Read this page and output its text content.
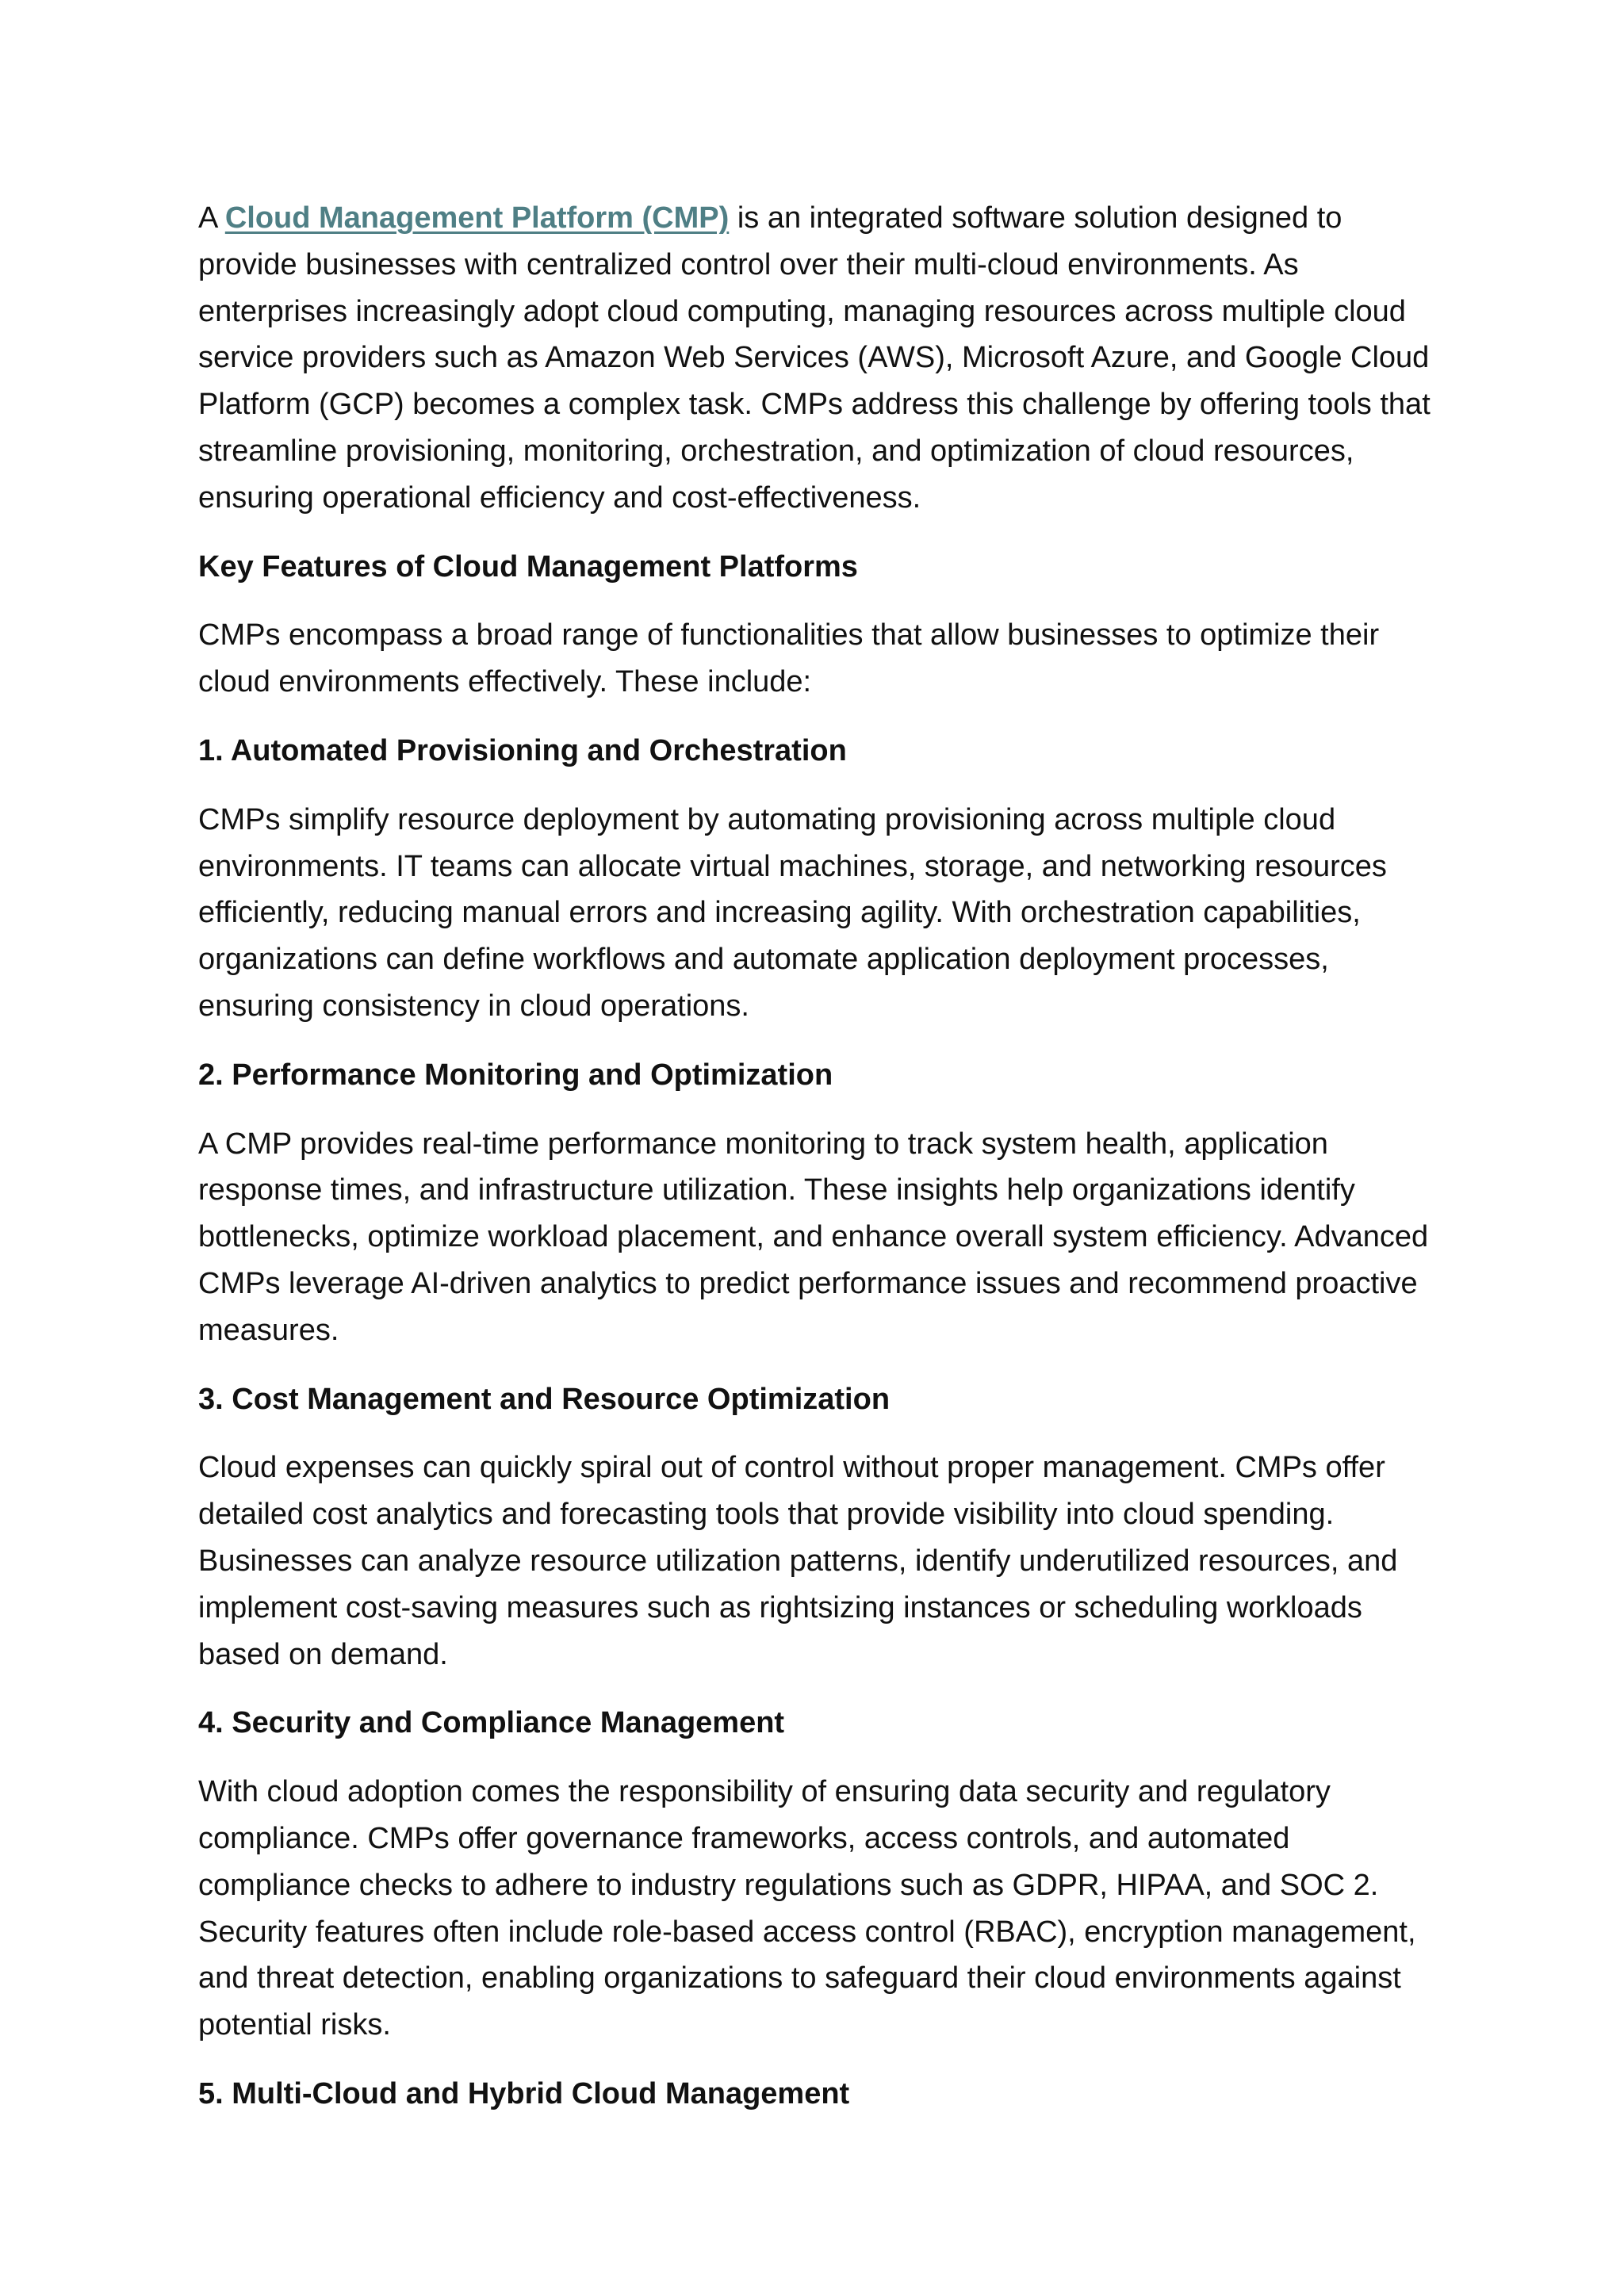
A Cloud Management Platform (CMP) is an integrated software solution designed to provide businesses with centralized control over their multi-cloud environments. As enterprises increasingly adopt cloud computing, managing resources across multiple cloud service providers such as Amazon Web Services (AWS), Microsoft Azure, and Google Cloud Platform (GCP) becomes a complex task. CMPs address this challenge by offering tools that streamline provisioning, monitoring, orchestration, and optimization of cloud resources, ensuring operational efficiency and cost-effectiveness.

Key Features of Cloud Management Platforms

CMPs encompass a broad range of functionalities that allow businesses to optimize their cloud environments effectively. These include:

1. Automated Provisioning and Orchestration

CMPs simplify resource deployment by automating provisioning across multiple cloud environments. IT teams can allocate virtual machines, storage, and networking resources efficiently, reducing manual errors and increasing agility. With orchestration capabilities, organizations can define workflows and automate application deployment processes, ensuring consistency in cloud operations.

2. Performance Monitoring and Optimization

A CMP provides real-time performance monitoring to track system health, application response times, and infrastructure utilization. These insights help organizations identify bottlenecks, optimize workload placement, and enhance overall system efficiency. Advanced CMPs leverage AI-driven analytics to predict performance issues and recommend proactive measures.

3. Cost Management and Resource Optimization

Cloud expenses can quickly spiral out of control without proper management. CMPs offer detailed cost analytics and forecasting tools that provide visibility into cloud spending. Businesses can analyze resource utilization patterns, identify underutilized resources, and implement cost-saving measures such as rightsizing instances or scheduling workloads based on demand.

4. Security and Compliance Management

With cloud adoption comes the responsibility of ensuring data security and regulatory compliance. CMPs offer governance frameworks, access controls, and automated compliance checks to adhere to industry regulations such as GDPR, HIPAA, and SOC 2. Security features often include role-based access control (RBAC), encryption management, and threat detection, enabling organizations to safeguard their cloud environments against potential risks.

5. Multi-Cloud and Hybrid Cloud Management
